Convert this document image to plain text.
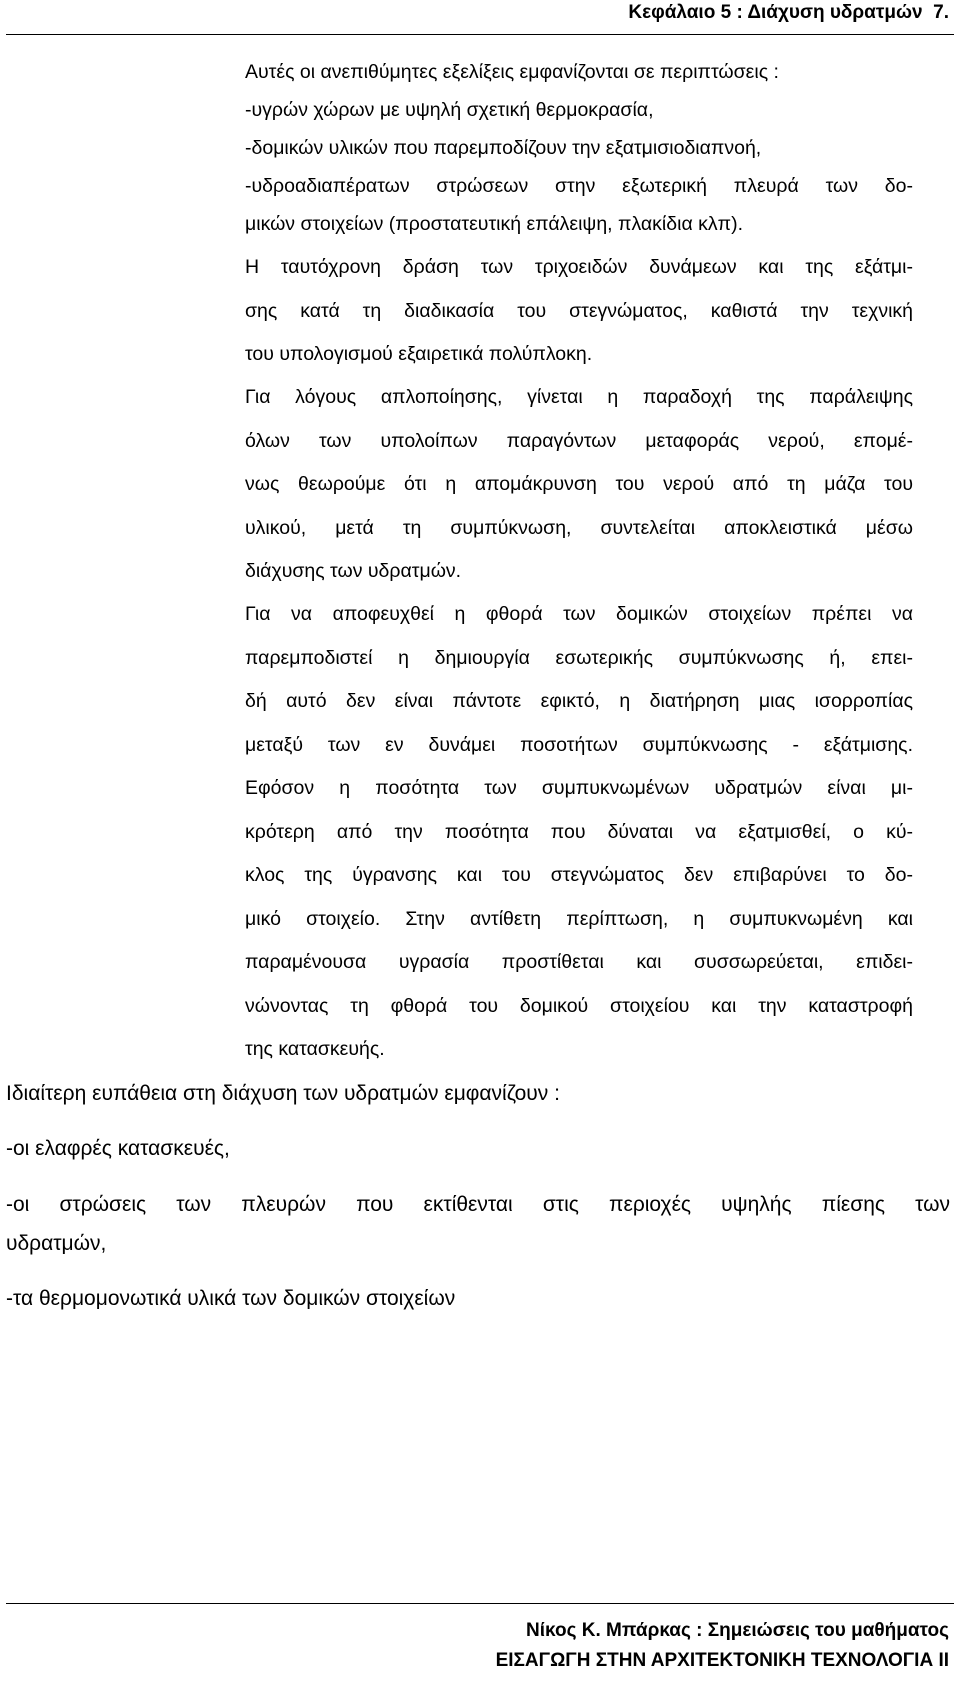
Κεφάλαιο 5 : Διάχυση υδρατμών 7.
Αυτές οι ανεπιθύμητες εξελίξεις εμφανίζονται σε περιπτώσεις :
-υγρών χώρων με υψηλή σχετική θερμοκρασία,
-δομικών υλικών που παρεμποδίζουν την εξατμισιοδιαπνοή,
-υδροαδιαπέρατων στρώσεων στην εξωτερική πλευρά των δο-
μικών στοιχείων (προστατευτική επάλειψη, πλακίδια κλπ).
Η ταυτόχρονη δράση των τριχοειδών δυνάμεων και της εξάτμι-
σης κατά τη διαδικασία του στεγνώματος, καθιστά την τεχνική
του υπολογισμού εξαιρετικά πολύπλοκη.
Για λόγους απλοποίησης, γίνεται η παραδοχή της παράλειψης
όλων των υπολοίπων παραγόντων μεταφοράς νερού, επομέ-
νως θεωρούμε ότι η απομάκρυνση του νερού από τη μάζα του
υλικού, μετά τη συμπύκνωση, συντελείται αποκλειστικά μέσω
διάχυσης των υδρατμών.
Για να αποφευχθεί η φθορά των δομικών στοιχείων πρέπει να
παρεμποδιστεί η δημιουργία εσωτερικής συμπύκνωσης ή, επει-
δή αυτό δεν είναι πάντοτε εφικτό, η διατήρηση μιας ισορροπίας
μεταξύ των εν δυνάμει ποσοτήτων συμπύκνωσης - εξάτμισης.
Εφόσον η ποσότητα των συμπυκνωμένων υδρατμών είναι μι-
κρότερη από την ποσότητα που δύναται να εξατμισθεί, ο κύ-
κλος της ύγρανσης και του στεγνώματος δεν επιβαρύνει το δο-
μικό στοιχείο. Στην αντίθετη περίπτωση, η συμπυκνωμένη και
παραμένουσα υγρασία προστίθεται και συσσωρεύεται, επιδει-
νώνοντας τη φθορά του δομικού στοιχείου και την καταστροφή
της κατασκευής.
Ιδιαίτερη ευπάθεια στη διάχυση των υδρατμών εμφανίζουν :
-οι ελαφρές κατασκευές,
-οι στρώσεις των πλευρών που εκτίθενται στις περιοχές υψηλής πίεσης των
υδρατμών,
-τα θερμομονωτικά υλικά των δομικών στοιχείων
Νίκος Κ. Μπάρκας : Σημειώσεις του μαθήματος
ΕΙΣΑΓΩΓΗ ΣΤΗΝ ΑΡΧΙΤΕΚΤΟΝΙΚΗ ΤΕΧΝΟΛΟΓΙΑ ΙΙ
